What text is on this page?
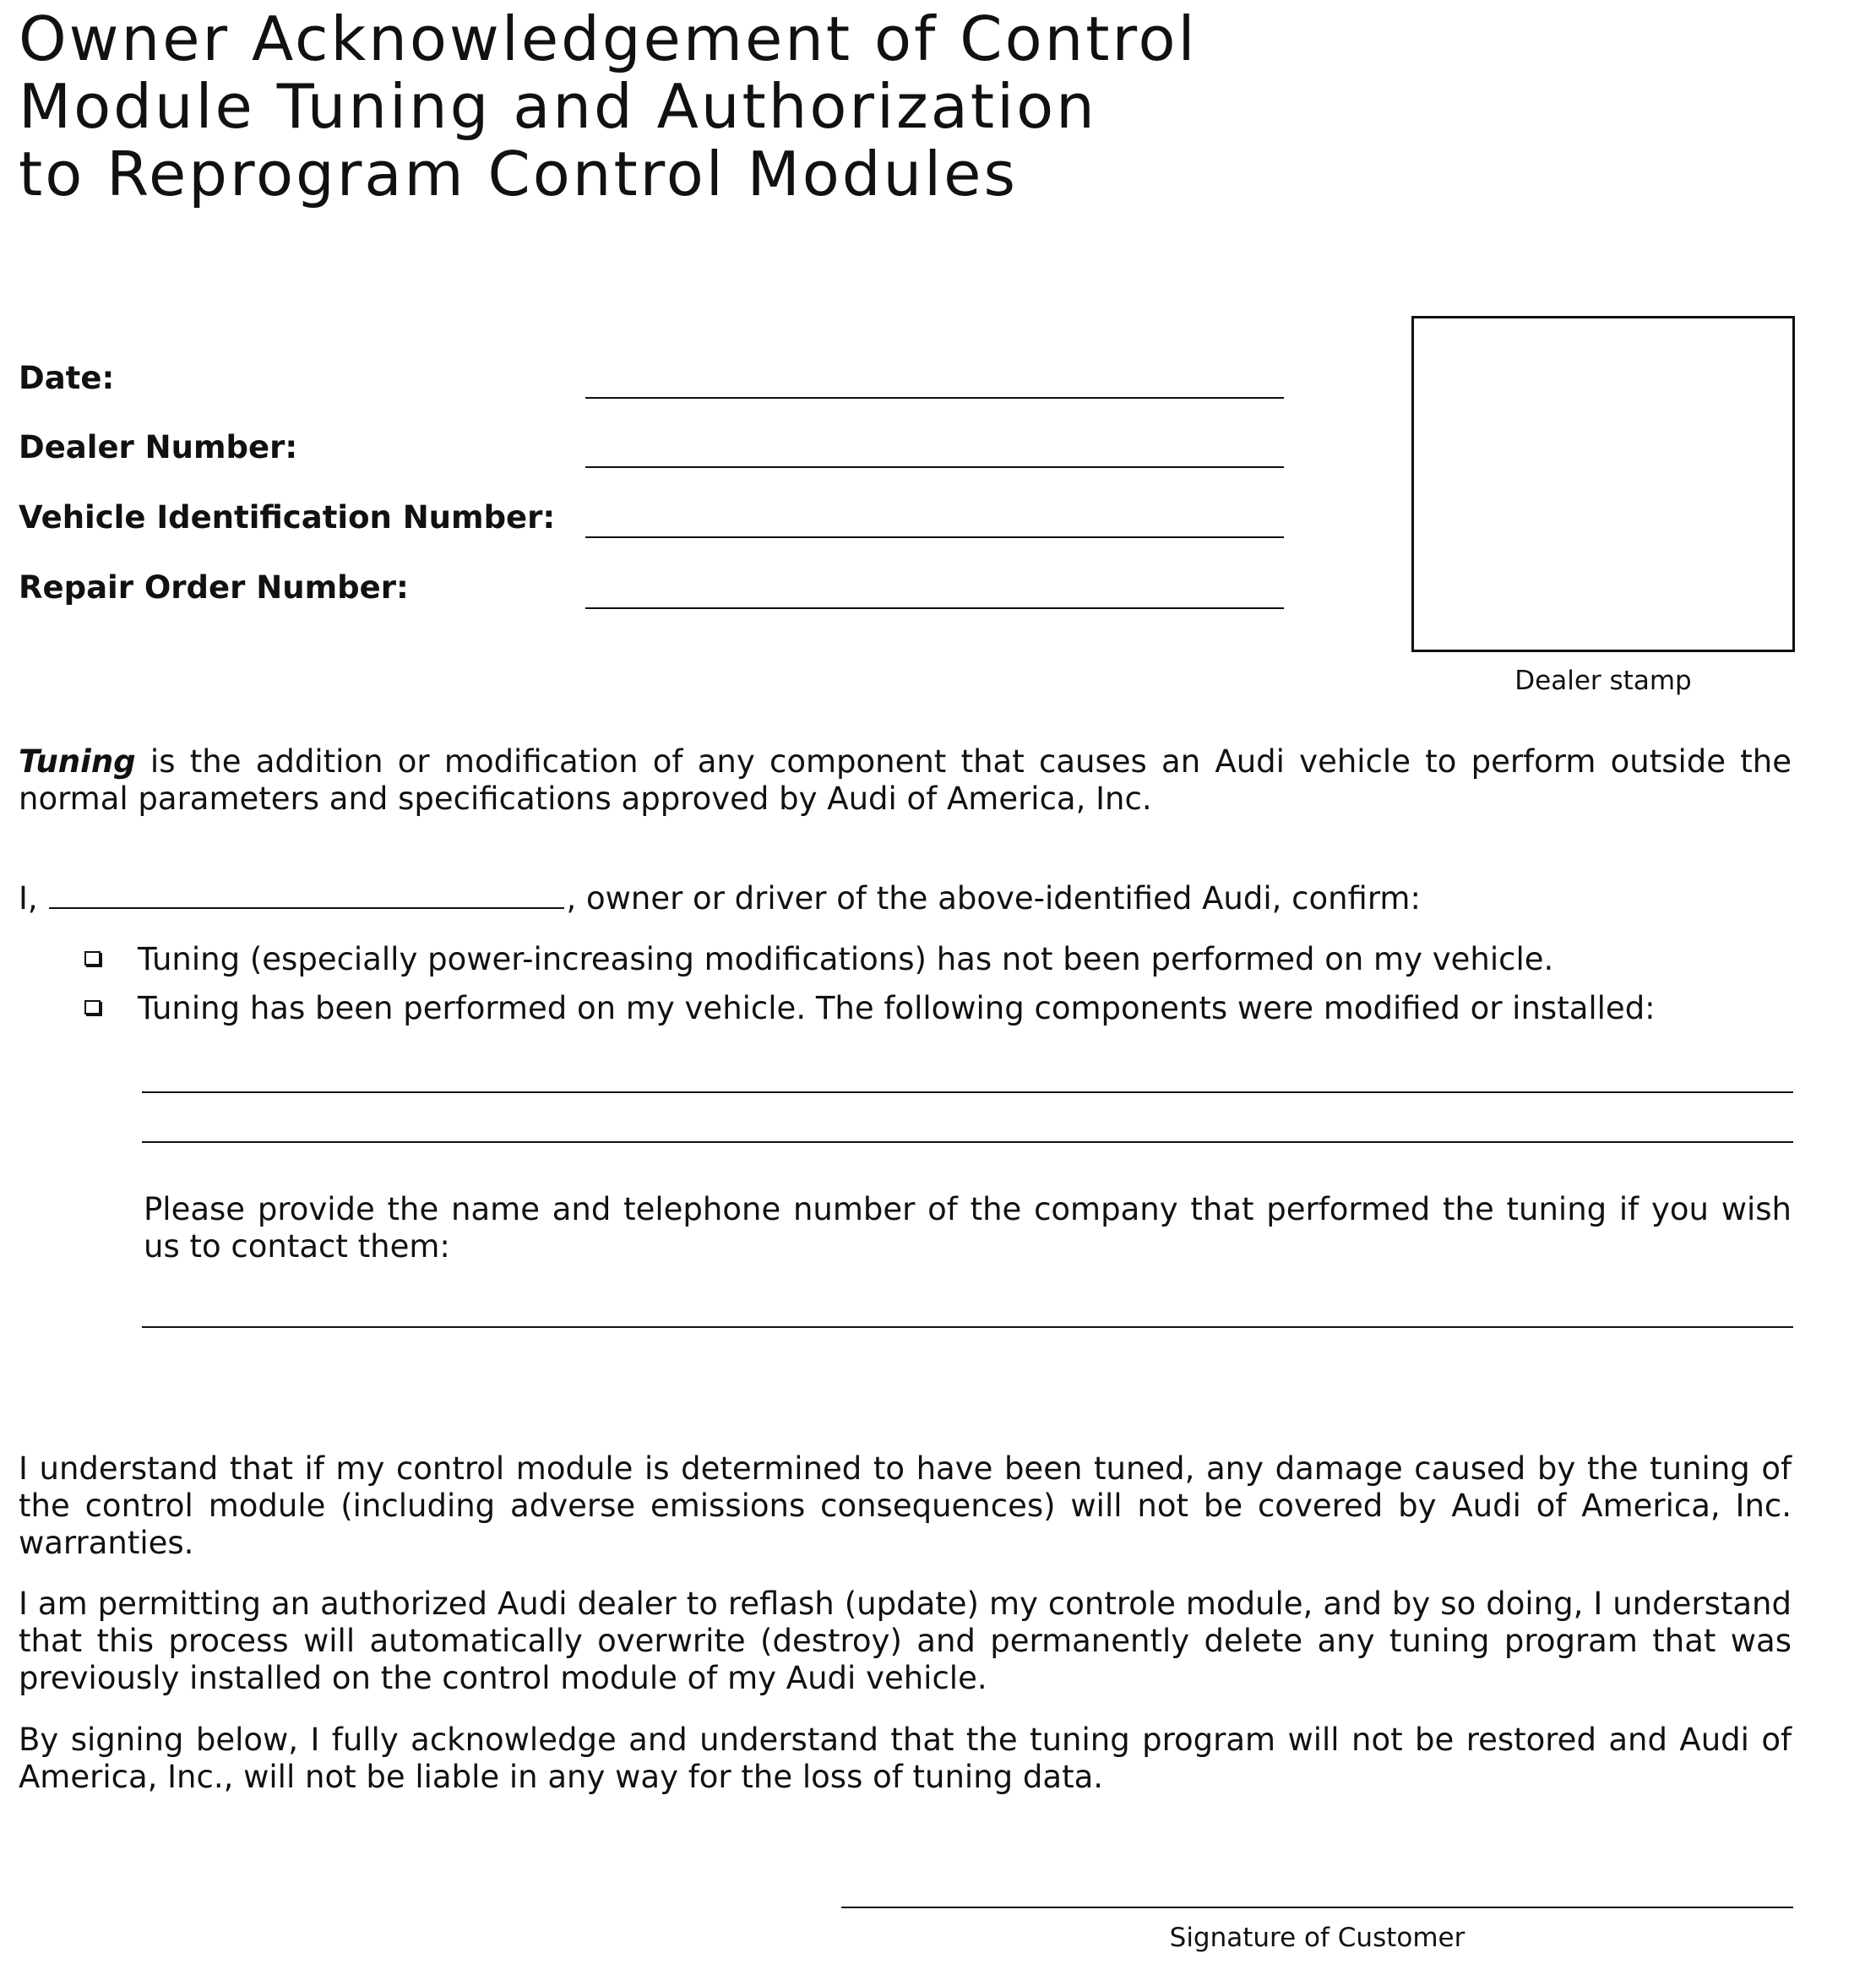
Owner Acknowledgement of Control
Module Tuning and Authorization
to Reprogram Control Modules
Date:
Dealer Number:
Vehicle Identification Number:
Repair Order Number:
Dealer stamp

Tuning is the addition or modification of any component that causes an Audi vehicle to perform outside the normal parameters and specifications approved by Audi of America, Inc.

I,	, owner or driver of the above-identified Audi, confirm:
Tuning (especially power-increasing modifications) has not been performed on my vehicle.
Tuning has been performed on my vehicle. The following components were modified or installed:

Please provide the name and telephone number of the company that performed the tuning if you wish us to contact them:

I understand that if my control module is determined to have been tuned, any damage caused by the tuning of the control module (including adverse emissions consequences) will not be covered by Audi of America, Inc. warranties.

I am permitting an authorized Audi dealer to reflash (update) my controle module, and by so doing, I understand that this process will automatically overwrite (destroy) and permanently delete any tuning program that was previously installed on the control module of my Audi vehicle.

By signing below, I fully acknowledge and understand that the tuning program will not be restored and Audi of America, Inc., will not be liable in any way for the loss of tuning data.

Signature of Customer
